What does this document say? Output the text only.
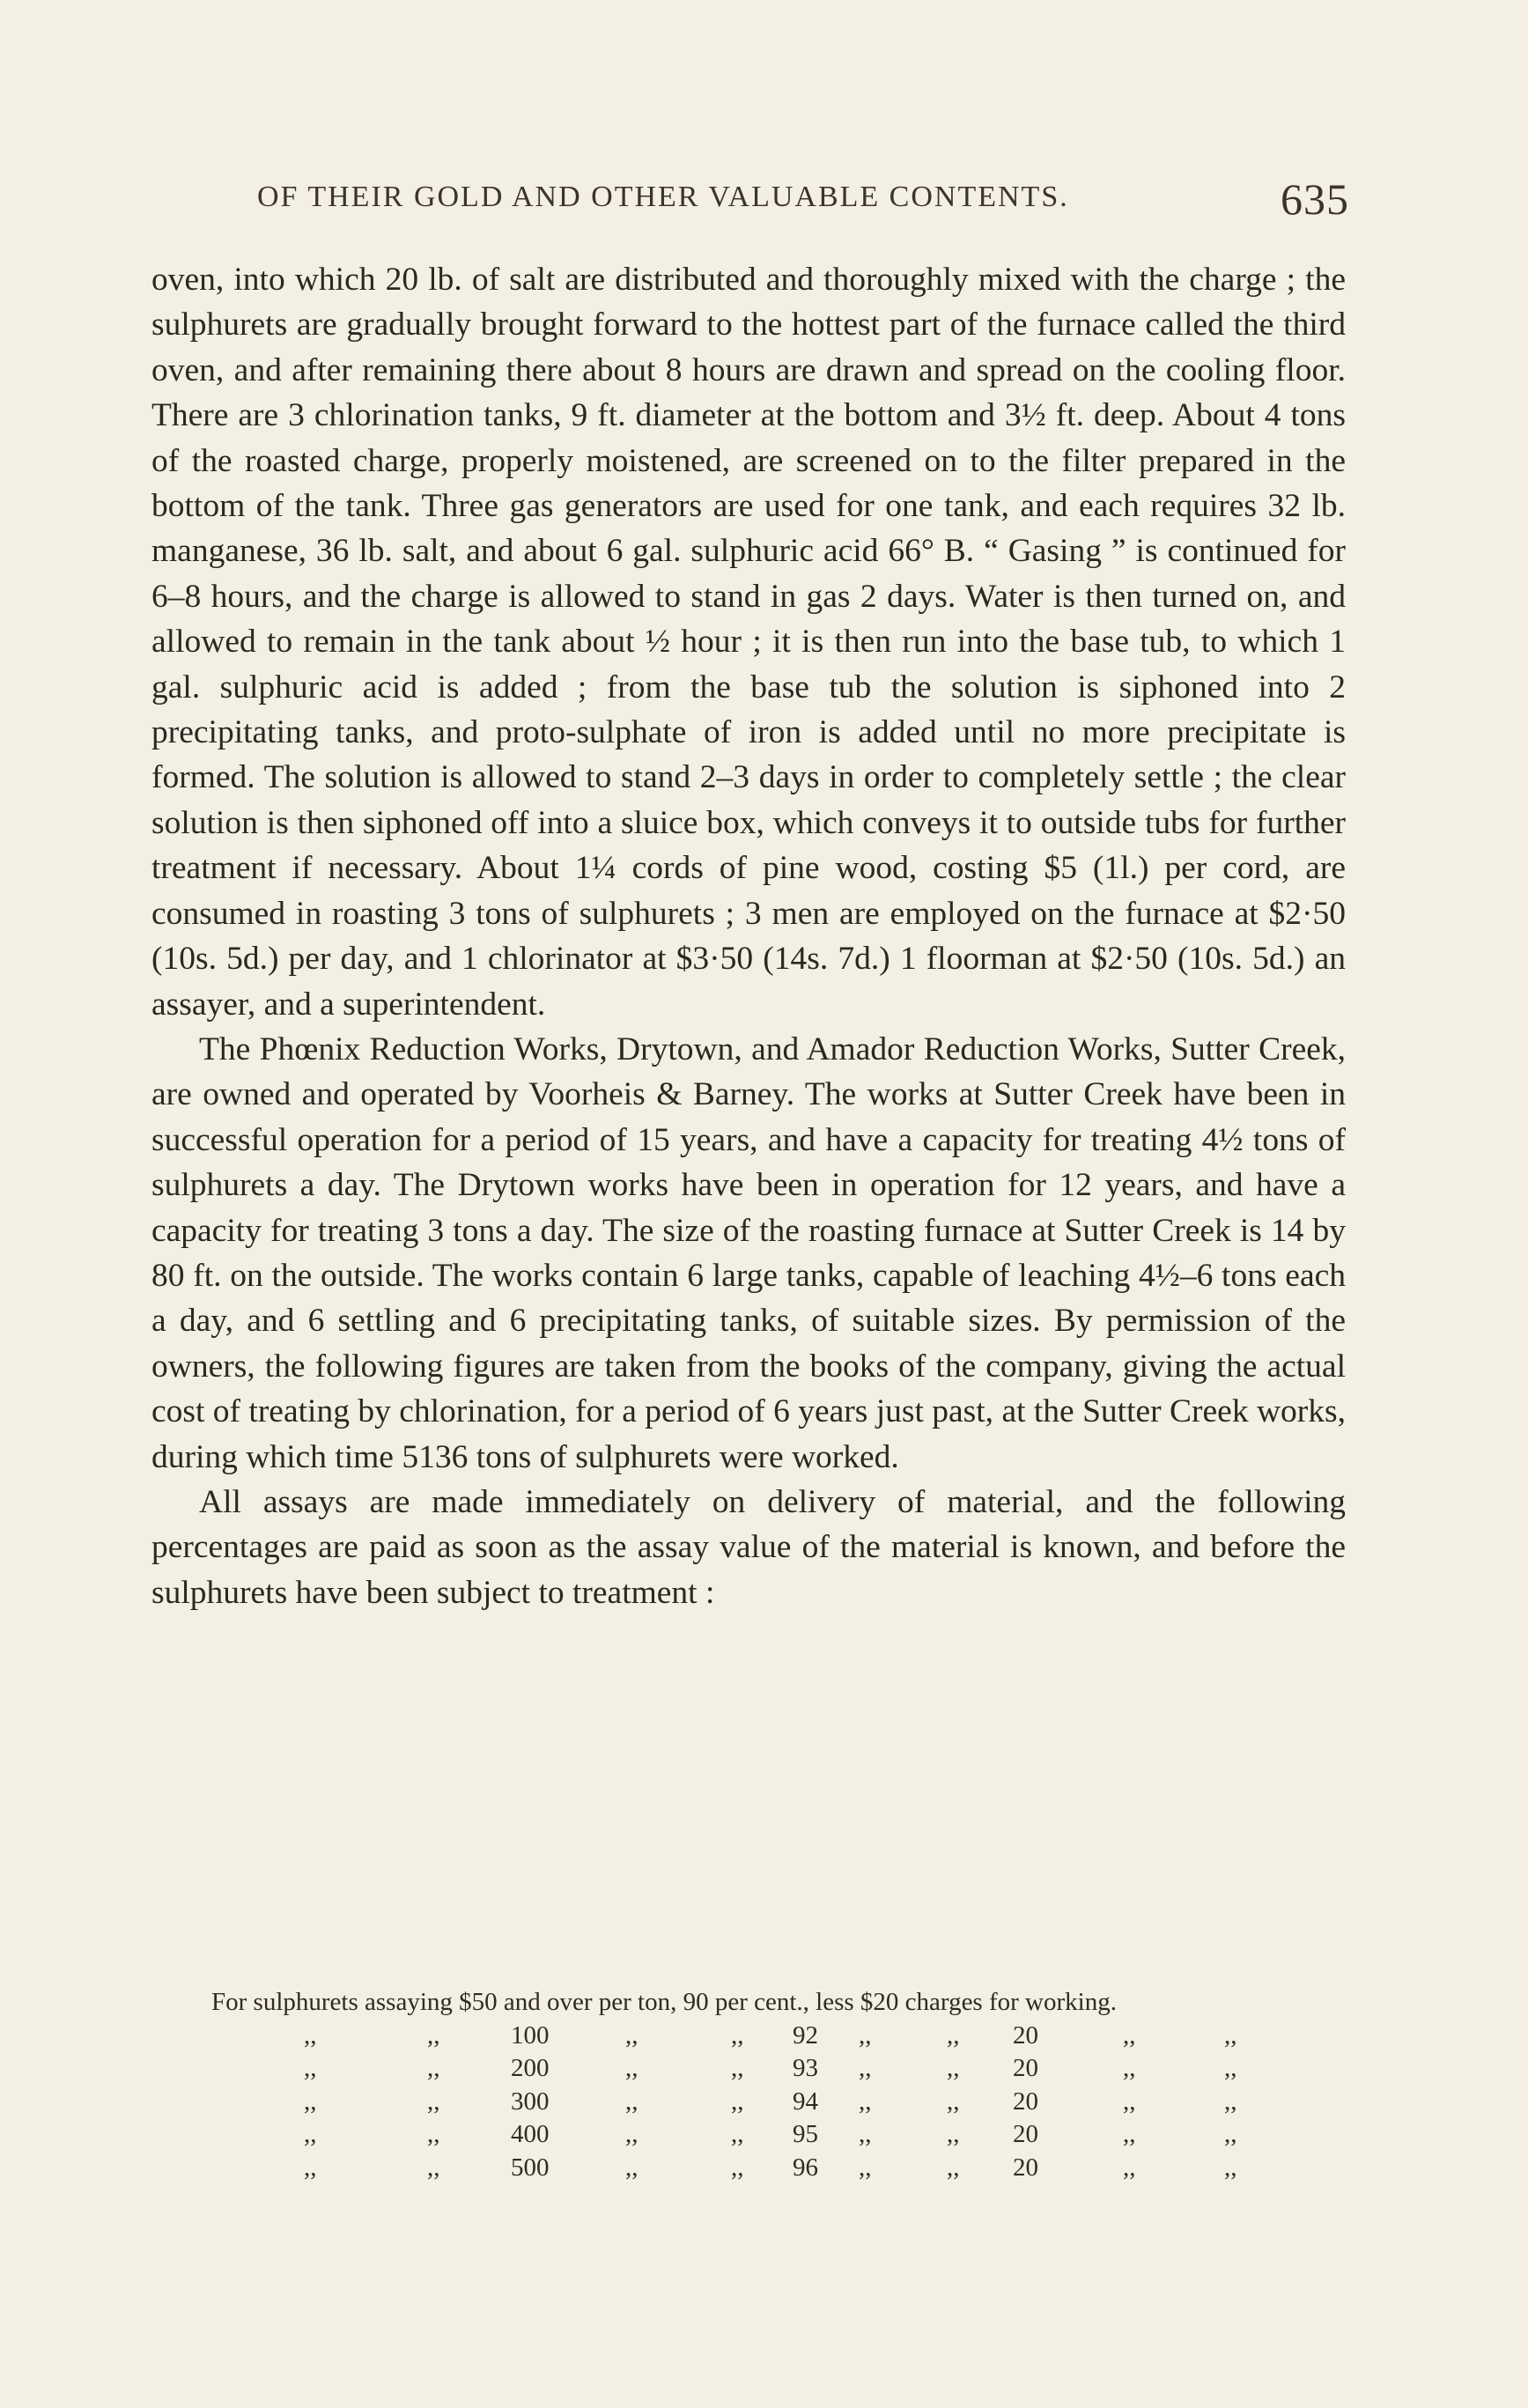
OF THEIR GOLD AND OTHER VALUABLE CONTENTS.	635

oven, into which 20 lb. of salt are distributed and thoroughly mixed with the charge ; the sulphurets are gradually brought forward to the hottest part of the furnace called the third oven, and after remaining there about 8 hours are drawn and spread on the cooling floor. There are 3 chlorination tanks, 9 ft. diameter at the bottom and 3½ ft. deep. About 4 tons of the roasted charge, properly moistened, are screened on to the filter prepared in the bottom of the tank. Three gas generators are used for one tank, and each requires 32 lb. manganese, 36 lb. salt, and about 6 gal. sulphuric acid 66° B. “ Gasing ” is continued for 6–8 hours, and the charge is allowed to stand in gas 2 days. Water is then turned on, and allowed to remain in the tank about ½ hour ; it is then run into the base tub, to which 1 gal. sulphuric acid is added ; from the base tub the solution is siphoned into 2 precipitating tanks, and proto-sulphate of iron is added until no more precipitate is formed. The solution is allowed to stand 2–3 days in order to completely settle ; the clear solution is then siphoned off into a sluice box, which conveys it to outside tubs for further treatment if necessary. About 1¼ cords of pine wood, costing $5 (1l.) per cord, are consumed in roasting 3 tons of sulphurets ; 3 men are employed on the furnace at $2·50 (10s. 5d.) per day, and 1 chlorinator at $3·50 (14s. 7d.) 1 floorman at $2·50 (10s. 5d.) an assayer, and a superintendent.

The Phœnix Reduction Works, Drytown, and Amador Reduction Works, Sutter Creek, are owned and operated by Voorheis & Barney. The works at Sutter Creek have been in successful operation for a period of 15 years, and have a capacity for treating 4½ tons of sulphurets a day. The Drytown works have been in operation for 12 years, and have a capacity for treating 3 tons a day. The size of the roasting furnace at Sutter Creek is 14 by 80 ft. on the outside. The works contain 6 large tanks, capable of leaching 4½–6 tons each a day, and 6 settling and 6 precipitating tanks, of suitable sizes. By permission of the owners, the following figures are taken from the books of the company, giving the actual cost of treating by chlorination, for a period of 6 years just past, at the Sutter Creek works, during which time 5136 tons of sulphurets were worked.

All assays are made immediately on delivery of material, and the following percentages are paid as soon as the assay value of the material is known, and before the sulphurets have been subject to treatment :

For sulphurets assaying $50 and over per ton, 90 per cent., less $20 charges for working.
,,	,,	100	,,	,, 92 ,,	,, 20	,,	,,
,,	,,	200	,,	,, 93 ,,	,, 20	,,	,,
,,	,,	300	,,	,, 94 ,,	,, 20	,,	,,
,,	,,	400	,,	,, 95 ,,	,, 20	,,	,,
,,	,,	500	,,	,, 96 ,,	,, 20	,,	,,
